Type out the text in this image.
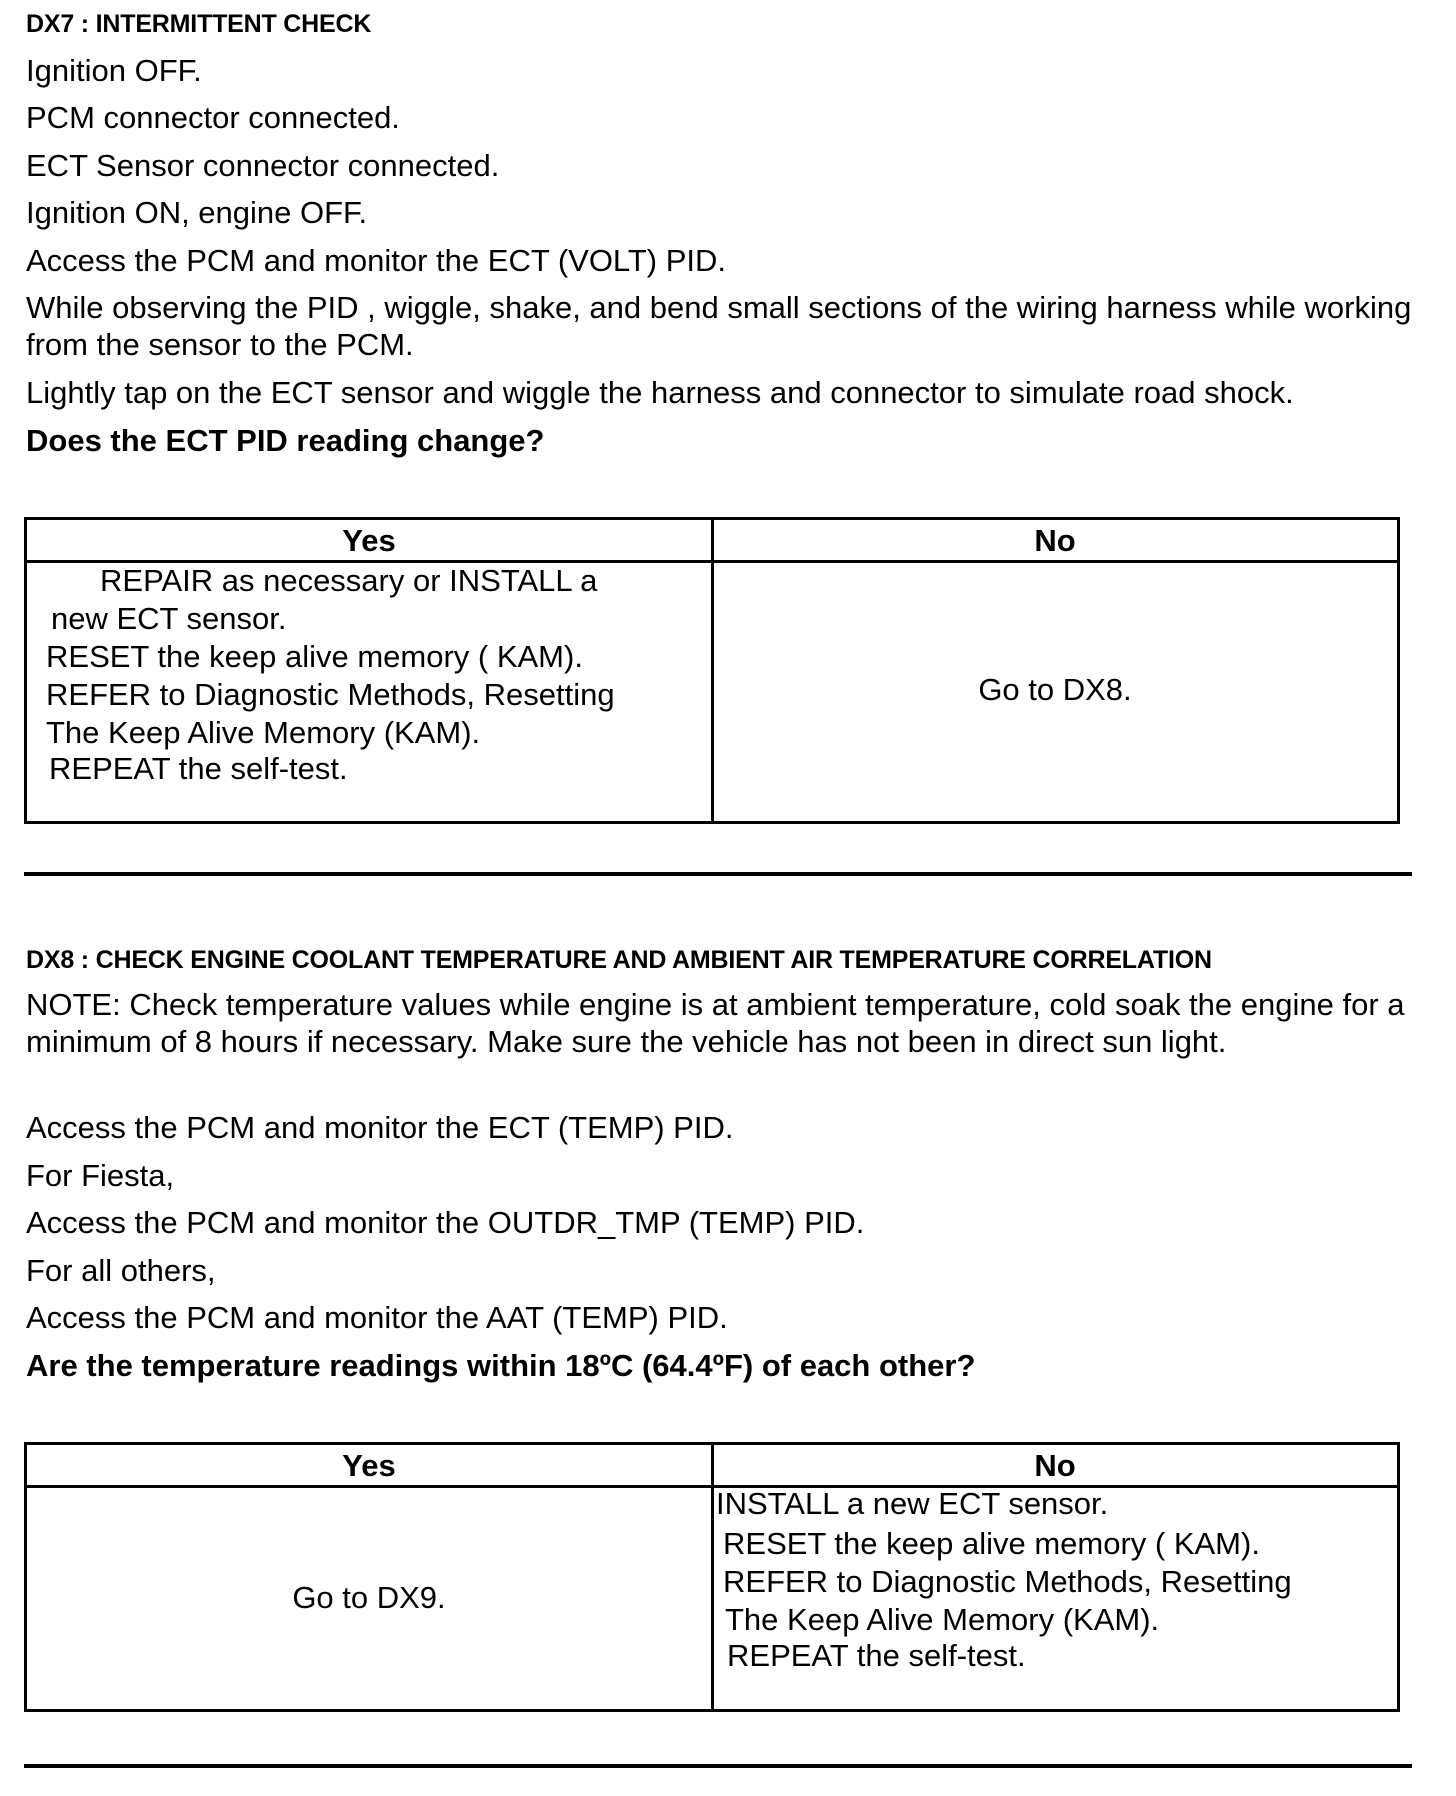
DX7 : INTERMITTENT CHECK
Ignition OFF.
PCM connector connected.
ECT Sensor connector connected.
Ignition ON, engine OFF.
Access the PCM and monitor the ECT (VOLT) PID.
While observing the PID , wiggle, shake, and bend small sections of the wiring harness while working from the sensor to the PCM.
Lightly tap on the ECT sensor and wiggle the harness and connector to simulate road shock.
Does the ECT PID reading change?
Yes	No
REPAIR as necessary or INSTALL a
new ECT sensor.
RESET the keep alive memory ( KAM).
REFER to Diagnostic Methods, Resetting
The Keep Alive Memory (KAM).
REPEAT the self-test.
Go to DX8.
DX8 : CHECK ENGINE COOLANT TEMPERATURE AND AMBIENT AIR TEMPERATURE CORRELATION
NOTE: Check temperature values while engine is at ambient temperature, cold soak the engine for a minimum of 8 hours if necessary. Make sure the vehicle has not been in direct sun light.
Access the PCM and monitor the ECT (TEMP) PID.
For Fiesta,
Access the PCM and monitor the OUTDR_TMP (TEMP) PID.
For all others,
Access the PCM and monitor the AAT (TEMP) PID.
Are the temperature readings within 18ºC (64.4ºF) of each other?
Yes	No
Go to DX9.
INSTALL a new ECT sensor.
RESET the keep alive memory ( KAM).
REFER to Diagnostic Methods, Resetting
The Keep Alive Memory (KAM).
REPEAT the self-test.
